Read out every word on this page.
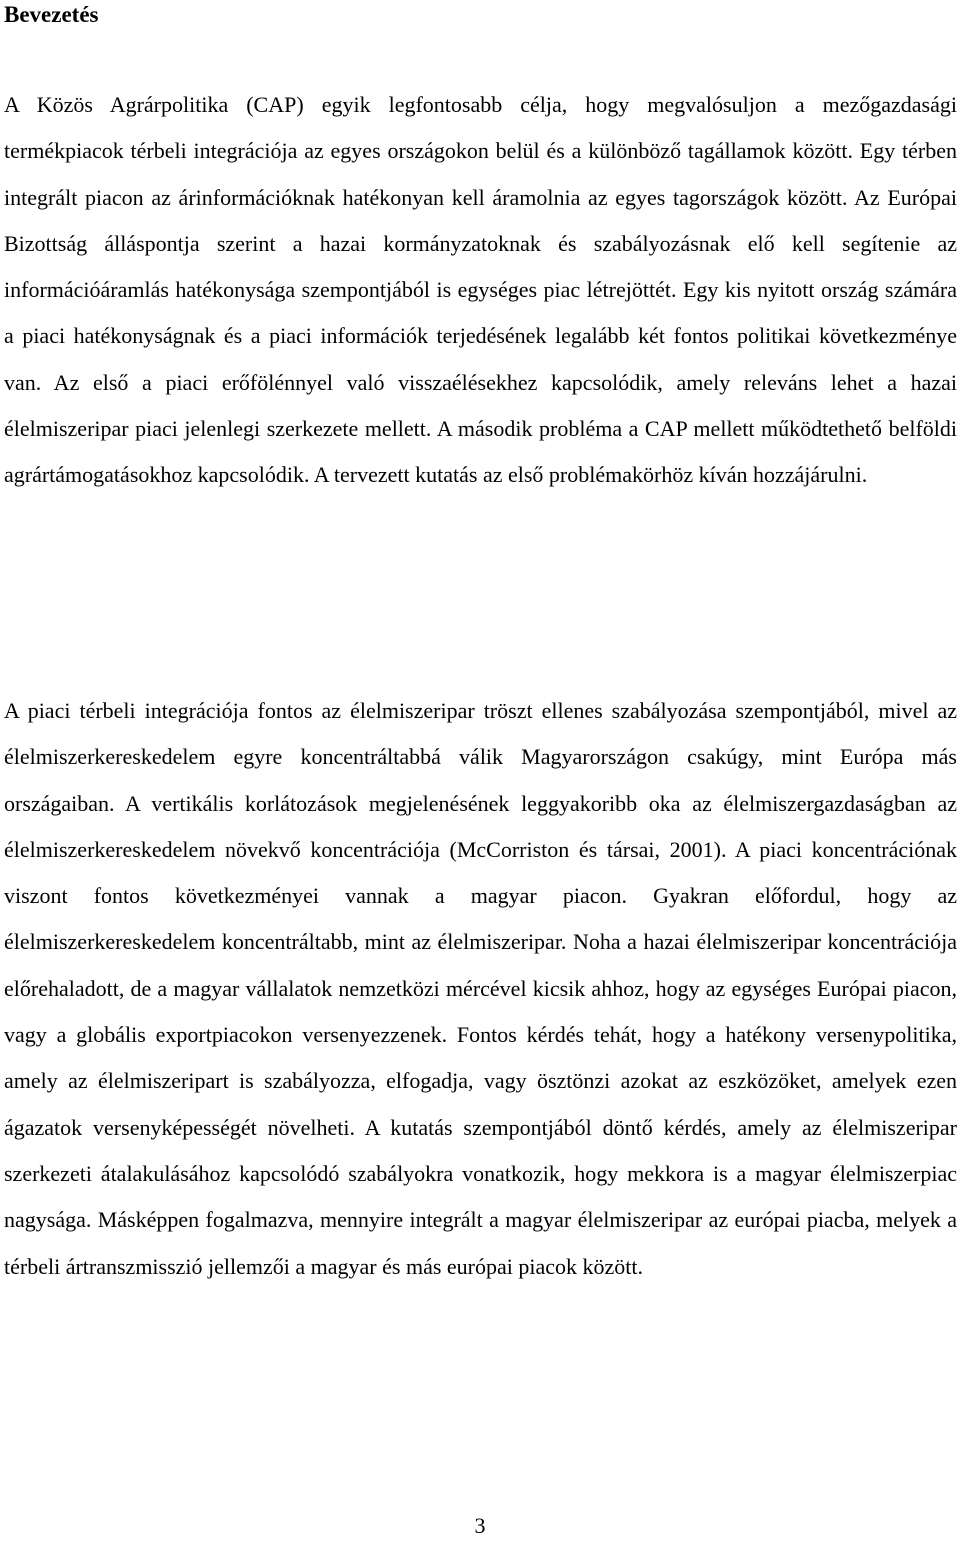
Bevezetés

A Közös Agrárpolitika (CAP) egyik legfontosabb célja, hogy megvalósuljon a mezőgazdasági termékpiacok térbeli integrációja az egyes országokon belül és a különböző tagállamok között. Egy térben integrált piacon az árinformációknak hatékonyan kell áramolnia az egyes tagországok között. Az Európai Bizottság álláspontja szerint a hazai kormányzatoknak és szabályozásnak elő kell segítenie az információáramlás hatékonysága szempontjából is egységes piac létrejöttét. Egy kis nyitott ország számára a piaci hatékonyságnak és a piaci információk terjedésének legalább két fontos politikai következménye van. Az első a piaci erőfölénnyel való visszaélésekhez kapcsolódik, amely releváns lehet a hazai élelmiszeripar piaci jelenlegi szerkezete mellett. A második probléma a CAP mellett működtethető belföldi agrártámogatásokhoz kapcsolódik. A tervezett kutatás az első problémakörhöz kíván hozzájárulni.

A piaci térbeli integrációja fontos az élelmiszeripar tröszt ellenes szabályozása szempontjából, mivel az élelmiszerkereskedelem egyre koncentráltabbá válik Magyarországon csakúgy, mint Európa más országaiban. A vertikális korlátozások megjelenésének leggyakoribb oka az élelmiszergazdaságban az élelmiszerkereskedelem növekvő koncentrációja (McCorriston és társai, 2001). A piaci koncentrációnak viszont fontos következményei vannak a magyar piacon. Gyakran előfordul, hogy az élelmiszerkereskedelem koncentráltabb, mint az élelmiszeripar. Noha a hazai élelmiszeripar koncentrációja előrehaladott, de a magyar vállalatok nemzetközi mércével kicsik ahhoz, hogy az egységes Európai piacon, vagy a globális exportpiacokon versenyezzenek. Fontos kérdés tehát, hogy a hatékony versenypolitika, amely az élelmiszeripart is szabályozza, elfogadja, vagy ösztönzi azokat az eszközöket, amelyek ezen ágazatok versenyképességét növelheti. A kutatás szempontjából döntő kérdés, amely az élelmiszeripar szerkezeti átalakulásához kapcsolódó szabályokra vonatkozik, hogy mekkora is a magyar élelmiszerpiac nagysága. Másképpen fogalmazva, mennyire integrált a magyar élelmiszeripar az európai piacba, melyek a térbeli ártranszmisszió jellemzői a magyar és más európai piacok között.

3
